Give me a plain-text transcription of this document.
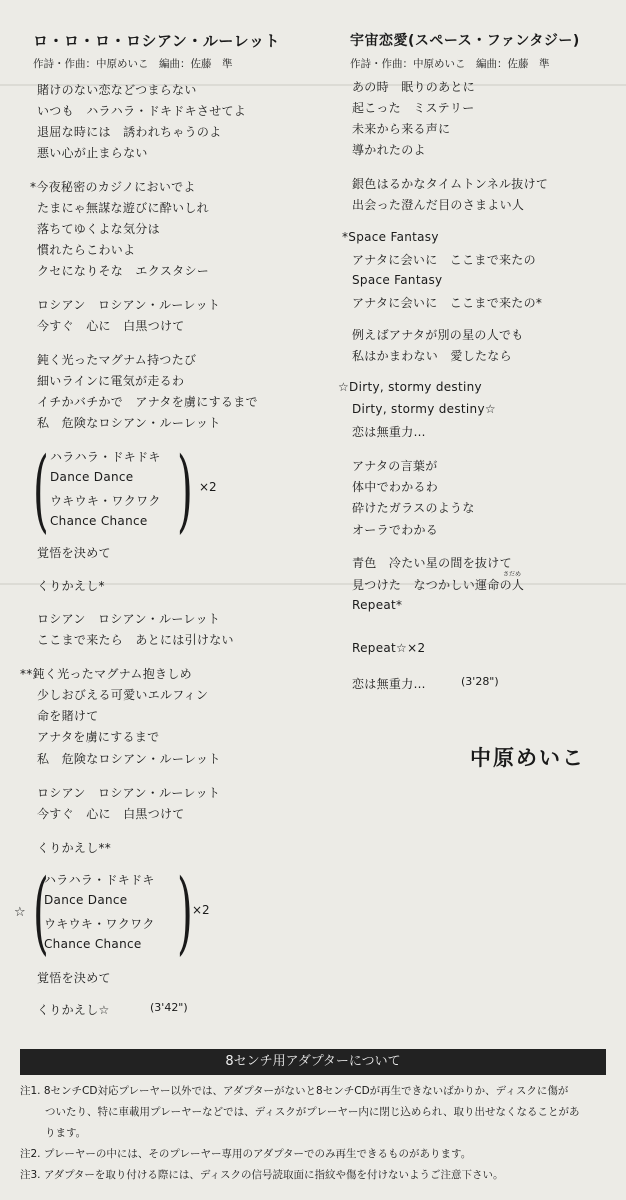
ロ・ロ・ロ・ロシアン・ルーレット
作詩・作曲：中原めいこ　編曲：佐藤　準
賭けのない恋などつまらない
いつも　ハラハラ・ドキドキさせてよ
退屈な時には　誘われちゃうのよ
悪い心が止まらない
*今夜秘密のカジノにおいでよ
たまにゃ無謀な遊びに酔いしれ
落ちてゆくよな気分は
慣れたらこわいよ
クセになりそな　エクスタシー
ロシアン　ロシアン・ルーレット
今すぐ　心に　白黒つけて
鈍く光ったマグナム持つたび
細いラインに電気が走るわ
イチかバチかで　アナタを虜にするまで
私　危険なロシアン・ルーレット
( ハラハラ・ドキドキ
Dance Dance
ウキウキ・ワクワク
Chance Chance ) ×2
覚悟を決めて
くりかえし*
ロシアン　ロシアン・ルーレット
ここまで来たら　あとには引けない
**鈍く光ったマグナム抱きしめ
少しおびえる可愛いエルフィン
命を賭けて
アナタを虜にするまで
私　危険なロシアン・ルーレット
ロシアン　ロシアン・ルーレット
今すぐ　心に　白黒つけて
くりかえし**
☆ (
ハラハラ・ドキドキ
Dance Dance
ウキウキ・ワクワク
Chance Chance ) ×2
覚悟を決めて
くりかえし☆	(3'42")
宇宙恋愛(スペース・ファンタジー)
作詩・作曲：中原めいこ　編曲：佐藤　準
あの時　眠りのあとに
起こった　ミステリー
未来から来る声に
導かれたのよ
銀色はるかなタイムトンネル抜けて
出会った澄んだ目のさまよい人
*Space Fantasy
アナタに会いに　ここまで来たの
Space Fantasy
アナタに会いに　ここまで来たの*
例えばアナタが別の星の人でも
私はかまわない　愛したなら
☆Dirty, stormy destiny
Dirty, stormy destiny☆
恋は無重力…
アナタの言葉が
体中でわかるわ
砕けたガラスのような
オーラでわかる
青色　冷たい星の間を抜けて
さだめ
見つけた　なつかしい運命の人
Repeat*
Repeat☆×2
恋は無重力…	(3'28")
中原めいこ
8センチ用アダプターについて
注1. 8センチCD対応プレーヤー以外では、アダプターがないと8センチCDが再生できないばかりか、ディスクに傷が
ついたり、特に車載用プレーヤーなどでは、ディスクがプレーヤー内に閉じ込められ、取り出せなくなることがあ
ります。
注2. プレーヤーの中には、そのプレーヤー専用のアダプターでのみ再生できるものがあります。
注3. アダプターを取り付ける際には、ディスクの信号読取面に指紋や傷を付けないようご注意下さい。
